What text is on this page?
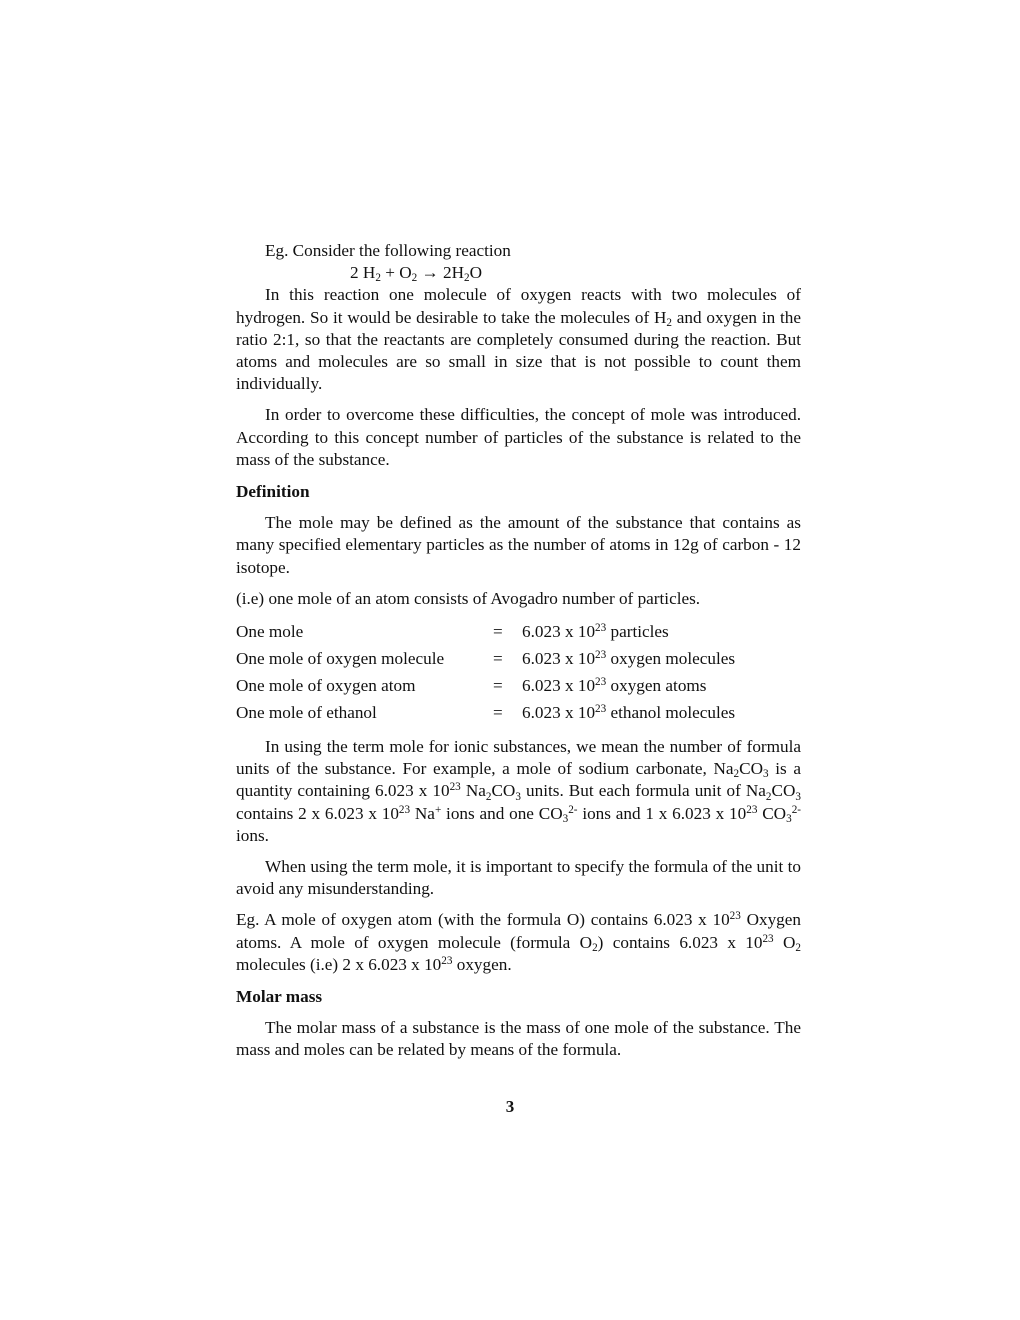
Eg. Consider the following reaction

2 $H_2 + O_2 \to 2H_2O$

In this reaction one molecule of oxygen reacts with two molecules of hydrogen. So it would be desirable to take the molecules of $H_2$ and oxygen in the ratio 2:1, so that the reactants are completely consumed during the reaction. But atoms and molecules are so small in size that is not possible to count them individually.

In order to overcome these difficulties, the concept of mole was introduced. According to this concept number of particles of the substance is related to the mass of the substance.

Definition

The mole may be defined as the amount of the substance that contains as many specified elementary particles as the number of atoms in 12g of carbon - 12 isotope.

(i.e) one mole of an atom consists of Avogadro number of particles.

One mole	=	6.023 x $10^{23}$ particles
One mole of oxygen molecule	=	6.023 x $10^{23}$ oxygen molecules
One mole of oxygen atom	=	6.023 x $10^{23}$ oxygen atoms
One mole of ethanol	=	6.023 x $10^{23}$ ethanol molecules

In using the term mole for ionic substances, we mean the number of formula units of the substance. For example, a mole of sodium carbonate, $Na_2CO_3$ is a quantity containing 6.023 x $10^{23}$ $Na_2CO_3$ units. But each formula unit of $Na_2CO_3$ contains 2 x 6.023 x $10^{23}$ Na+ ions and one $CO_3^{2-}$ ions and 1 x 6.023 x $10^{23}$ $CO_3^{2-}$ ions.

When using the term mole, it is important to specify the formula of the unit to avoid any misunderstanding.

Eg. A mole of oxygen atom (with the formula O) contains 6.023 x $10^{23}$ Oxygen atoms. A mole of oxygen molecule (formula $O_2$) contains 6.023 x $10^{23}$ $O_2$ molecules (i.e) 2 x 6.023 x $10^{23}$ oxygen.

Molar mass

The molar mass of a substance is the mass of one mole of the substance. The mass and moles can be related by means of the formula.

3
